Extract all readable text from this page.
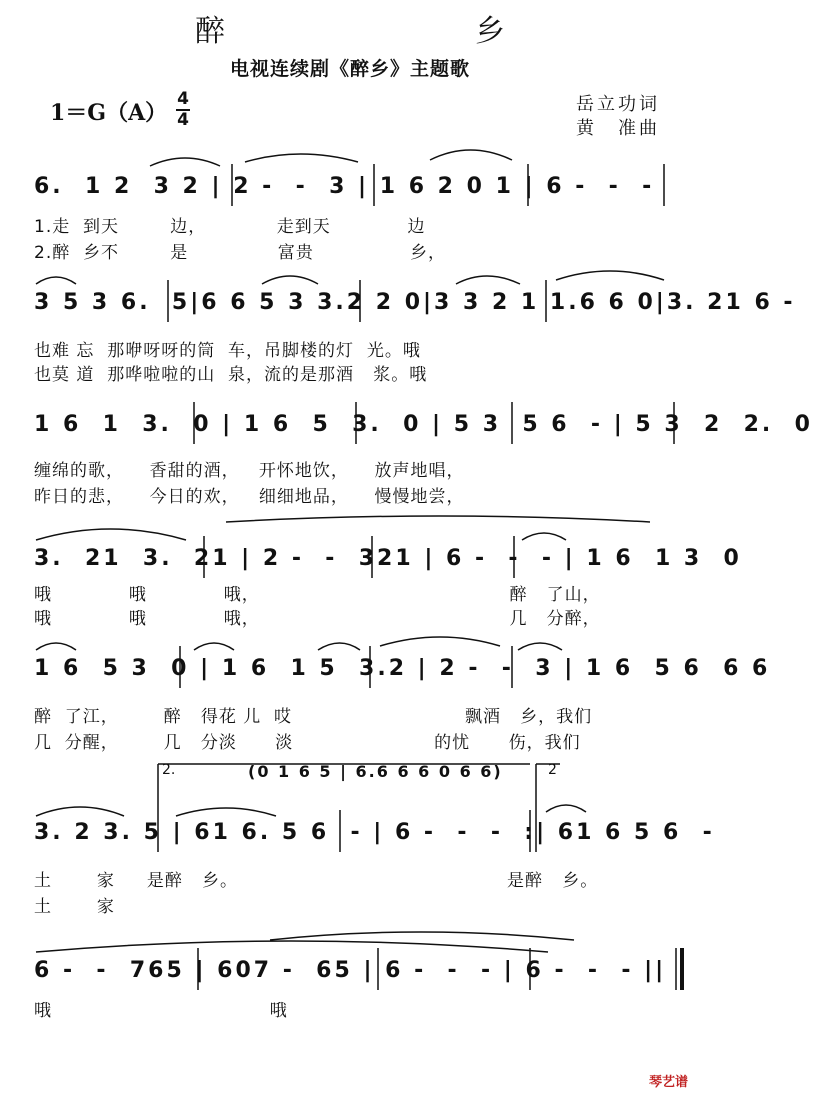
醉　乡
电视连续剧《醉乡》主题歌
1＝G（A）
4
4
岳立功词
黄　准曲
6.  1 2  3 2 | 2 -  -  3 | 1 6 2 0 1 | 6 -  -  -
1.走  到天        边，           走到天            边
2.醉  乡不        是              富贵               乡，
3 5 3 6.  5|6 6 5 3 3.2 2 0|3 3 2 1 1.6 6 0|3. 21 6 -
也难 忘  那咿呀呀的筒  车，吊脚楼的灯  光。哦
也莫 道  那哗啦啦的山  泉，流的是那酒   浆。哦
1 6  1  3.  0 | 1 6  5  3.  0 | 5 3  5 6  - | 5 3  2  2.  0
缠绵的歌，    香甜的酒，   开怀地饮，    放声地唱，
昨日的悲，    今日的欢，   细细地品，    慢慢地尝，
3.  21  3.  21 | 2 -  -  321 | 6 -  -  - | 1 6  1 3  0
哦            哦            哦，                                       醉   了山，
哦            哦            哦，                                       几   分醉，
1 6  5 3  0 | 1 6  1 5  3.2 | 2 -  -  3 | 1 6  5 6  6 6
醉  了江，       醉   得花 儿  哎                           飘酒   乡，我们
几  分醒，       几   分淡      淡                      的忧      伤，我们
2.	(0 1 6 5 | 6.6 6 6 0 6 6)	2
3. 2 3. 5 | 61 6. 5 6  - | 6 -  -  -  :| 61 6 5 6  -
土       家     是醉   乡。                                          是醉   乡。
土       家
6 -  -  765 | 607 -  65 | 6 -  -  - | 6 -  -  - ||
哦                                  哦
琴艺谱
